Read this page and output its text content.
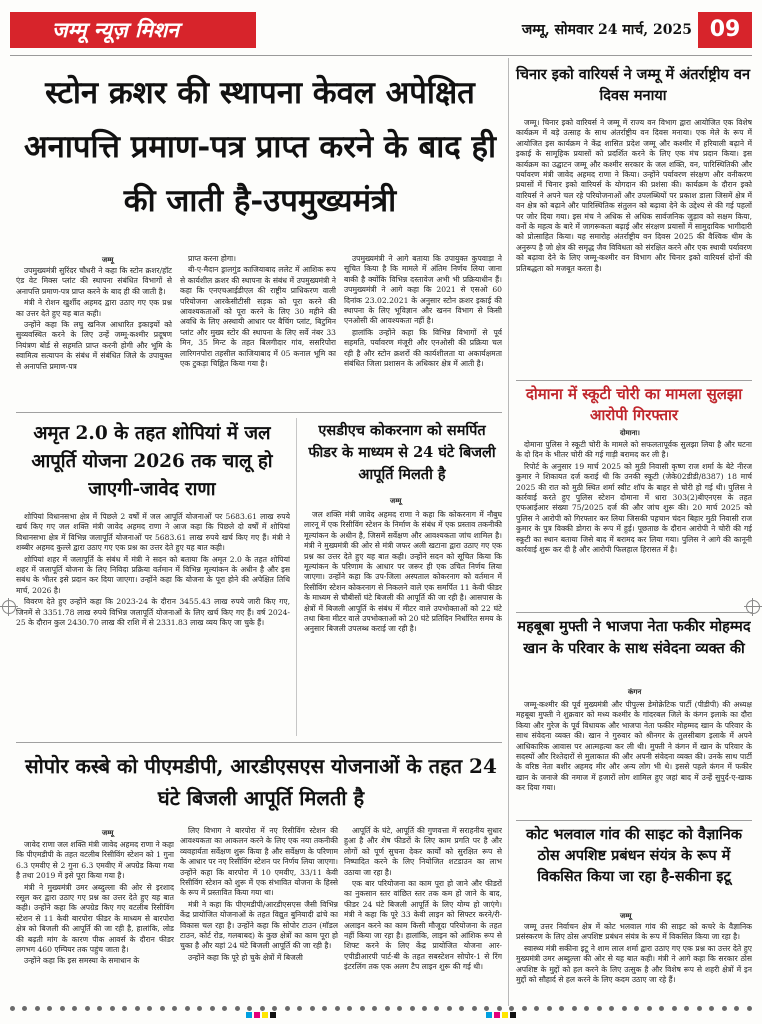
जम्मू न्यूज़ मिशन	जम्मू, सोमवार 24 मार्च, 2025 09
स्टोन क्रशर की स्थापना केवल अपेक्षित अनापत्ति प्रमाण-पत्र प्राप्त करने के बाद ही की जाती है-उपमुख्यमंत्री
जम्मू

उपमुख्यमंत्री सुरिंदर चौधरी ने कहा कि स्टोन क्रशर/हॉट एंड वेट मिक्स प्लांट की स्थापना संबंधित विभागों से अनापत्ति प्रमाण-पत्र प्राप्त करने के बाद ही की जाती है।

मंत्री ने रोशन खुर्शीद अहमद द्वारा उठाए गए एक प्रश्न का उत्तर देते हुए यह बात कही।

उन्होंने कहा कि लघु खनिज आधारित इकाइयों को सुव्यवस्थित करने के लिए उन्हें जम्मू-कश्मीर प्रदूषण नियंत्रण बोर्ड से सहमति प्राप्त करनी होगी और भूमि के स्वामित्व सत्यापन के संबंध में संबंधित जिले के उपायुक्त से अनापत्ति प्रमाण-पत्र

प्राप्त करना होगा।

बी-ए-मैदान ड्रालगुंड काजियाबाद ललेट में आशिक रूप से कार्यशील क्रशर की स्थापना के संबंध में उपमुख्यमंत्री ने कहा कि एनएचआईडीएल की राष्ट्रीय प्राधिकरण वाली परियोजना आरकेसीटीसी सड़क को पूरा करने की आवश्यकताओं को पूरा करने के लिए 30 महीने की अवधि के लिए अस्थायी आधार पर बैचिंग प्लांट, बिटुमिन प्लांट और मुख्य स्टोर की स्थापना के लिए सर्वे नंबर 33 मिन, 35 मिन्ट के तहत बिलगीदार गांव, ससरिपोरा लारिगनपोरा तहसील काजियाबाद में 05 कनाल भूमि का एक टुकड़ा चिह्नित किया गया है।

उपमुख्यमंत्री ने आगे बताया कि उपायुक्त कुपवाड़ा ने सूचित किया है कि मामले में अंतिम निर्णय लिया जाना बाकी है क्योंकि विभिन्न दस्तावेज अभी भी प्रक्रियाधीन हैं। उपमुख्यमंत्री ने आगे कहा कि 2021 से एसओ 60 दिनांक 23.02.2021 के अनुसार स्टोन क्रशर इकाई की स्थापना के लिए भूविज्ञान और खनन विभाग से किसी एनओसी की आवश्यकता नहीं है।

हालांकि उन्होंने कहा कि विभिन्न विभागों से पूर्व सहमति, पर्यावरण मंजूरी और एनओसी की प्रक्रिया चल रही है और स्टोन क्रशरों की कार्यशीलता या अकार्यक्षमता संबंधित जिला प्रशासन के अधिकार क्षेत्र में आती है।

अमृत 2.0 के तहत शोपियां में जल आपूर्ति योजना 2026 तक चालू हो जाएगी-जावेद राणा

शोपियां विधानसभा क्षेत्र में पिछले 2 वर्षों में जल आपूर्ति योजनाओं पर 5683.61 लाख रुपये खर्च किए गए जल शक्ति मंत्री जावेद अहमद राणा ने आज कहा कि पिछले दो वर्षों में शोपियां विधानसभा क्षेत्र में विभिन्न जलापूर्ति योजनाओं पर 5683.61 लाख रुपये खर्च किए गए हैं। मंत्री ने शब्बीर अहमद कुल्ले द्वारा उठाए गए एक प्रश्न का उत्तर देते हुए यह बात कही।

शोपियां शहर में जलापूर्ति के संबंध में मंत्री ने सदन को बताया कि अमृत 2.0 के तहत शोपियां शहर में जलापूर्ति योजना के लिए निविदा प्रक्रिया वर्तमान में विभिन्न मूल्यांकन के अधीन है और इस सबंध के भीतर इसे प्रदान कर दिया जाएगा। उन्होंने कहा कि योजना के पूरा होने की अपेक्षित तिथि मार्च, 2026 है।

विवरण देते हुए उन्होंने कहा कि 2023-24 के दौरान 3455.43 लाख रुपये जारी किए गए, जिनमें से 3351.78 लाख रुपये विभिन्न जलापूर्ति योजनाओं के लिए खर्च किए गए हैं। वर्ष 2024-25 के दौरान कुल 2430.70 लाख की राशि में से 2331.83 लाख व्यय किए जा चुके हैं।

एसडीएच कोकरनाग को समर्पित फीडर के माध्यम से 24 घंटे बिजली आपूर्ति मिलती है
जम्मू

जल शक्ति मंत्री जावेद अहमद राणा ने कहा कि कोकरनाग में नौबुघ लारनू में एक रिसीविंग स्टेशन के निर्माण के संबंध में एक प्रस्ताव तकनीकी मूल्यांकन के अधीन है, जिसमें सर्वेक्षण और आवश्यकता जांच शामिल है। मंत्री ने मुख्यमंत्री की ओर से मंत्री जफर अली खटाना द्वारा उठाए गए एक प्रश्न का उत्तर देते हुए यह बात कही। उन्होंने सदन को सूचित किया कि मूल्यांकन के परिणाम के आधार पर जरूर ही एक उचित निर्णय लिया जाएगा। उन्होंने कहा कि उप-जिला अस्पताल कोकरनाग को वर्तमान में रिसीविंग स्टेशन कोकरनाग से निकलने वाले एक समर्पित 11 केवी फीडर के माध्यम से चौबीसों घंटे बिजली की आपूर्ति की जा रही है। आसपास के क्षेत्रों में बिजली आपूर्ति के संबंध में मीटर वाले उपभोक्ताओं को 22 घंटे तथा बिना मीटर वाले उपभोक्ताओं को 20 घंटे प्रतिदिन निर्धारित समय के अनुसार बिजली उपलब्ध कराई जा रही है।

सोपोर कस्बे को पीएमडीपी, आरडीएसएस योजनाओं के तहत 24 घंटे बिजली आपूर्ति मिलती है
जम्मू

जावेद राणा जल शक्ति मंत्री जावेद अहमद राणा ने कहा कि पीएमडीपी के तहत वटलीब रिसीविंग स्टेशन को 1 गुना 6.3 एमवीए से 2 गुना 6.3 एमवीए में अपग्रेड किया गया है तथा 2019 में इसे पूरा किया गया है।

मंत्री ने मुख्यमंत्री उमर अब्दुल्ला की ओर से इरशाद रसूल कर द्वारा उठाए गए प्रश्न का उत्तर देते हुए यह बात कही। उन्होंने कहा कि अपग्रेड किए गए वटलीब रिसीविंग स्टेशन से 11 केवी बारपोरा फीडर के माध्यम से बारपोरा क्षेत्र को बिजली की आपूर्ति की जा रही है, हालांकि, लोड की बढ़ती मांग के कारण पीक आवर्स के दौरान फीडर लगभग 460 एम्पियर तक पहुंच जाता है।

उन्होंने कहा कि इस समस्या के समाधान के

लिए विभाग ने बारपोरा में नए रिसीविंग स्टेशन की आवश्यकता का आकलन करने के लिए एक नया तकनीकी व्यवहार्यता सर्वेक्षण शुरू किया है और सर्वेक्षण के परिणाम के आधार पर नए रिसीविंग स्टेशन पर निर्णय लिया जाएगा। उन्होंने कहा कि बारपोरा में 10 एमवीए, 33/11 केवी रिसीविंग स्टेशन को शुरू में एक संभावित योजना के हिस्से के रूप में प्रस्तावित किया गया था।

मंत्री ने कहा कि पीएमडीपी/आरडीएसएस जैसी विभिन्न केंद्र प्रायोजित योजनाओं के तहत विद्युत बुनियादी ढांचे का विकास चल रहा है। उन्होंने कहा कि सोपोर टाउन (मॉडल टाउन, कोर्ट रोड, गलबाबद) के कुछ क्षेत्रों का काम पूरा हो चुका है और यहां 24 घंटे बिजली आपूर्ति की जा रही है।

उन्होंने कहा कि पूरे हो चुके क्षेत्रों में बिजली

आपूर्ति के घंटे, आपूर्ति की गुणवत्ता में सराहनीय सुधार हुआ है और शेष फीडरों के लिए काम प्रगति पर है और लोगों को पूर्ण सुचना देकर कार्यों को सुरक्षित रूप से निष्पादित करने के लिए नियोजित शटडाउन का लाभ उठाया जा रहा है।

एक बार परियोजना का काम पूरा हो जाने और फीडरों का नुकसान स्तर वांछित स्तर तक कम हो जाने के बाद, फीडर 24 घंटे बिजली आपूर्ति के लिए योग्य हो जाएंगे। मंत्री ने कहा कि पूरे 33 केवी लाइन को सिफ्टर करने/री-अलाइन करने का काम किसी मौजूदा परियोजना के तहत नहीं किया जा रहा है। हालांकि, लाइन को आंशिक रूप से शिफ्ट करने के लिए केंद्र प्रायोजित योजना आर-एपीडीआरपी पार्ट-बी के तहत सबस्टेशन सोपोर-1 से रिंग इंटरलिंग तक एक अलग टैप लाइन शुरू की गई थी।

चिनार इको वारियर्स ने जम्मू में अंतर्राष्ट्रीय वन दिवस मनाया

जम्मू। चिनार इको वारियर्स ने जम्मू में राज्य वन विभाग द्वारा आयोजित एक विशेष कार्यक्रम में बड़े उत्साह के साथ अंतर्राष्ट्रीय वन दिवस मनाया। एक मेले के रूप में आयोजित इस कार्यक्रम ने केंद्र शासित प्रदेश जम्मू और कश्मीर में हरियाली बढ़ाने में इकाई के सामूहिक प्रयासों को प्रदर्शित करने के लिए एक मंच प्रदान किया। इस कार्यक्रम का उद्घाटन जम्मू और कश्मीर सरकार के जल शक्ति, वन, पारिस्थितिकी और पर्यावरण मंत्री जावेद अहमद राणा ने किया। उन्होंने पर्यावरण संरक्षण और वनीकरण प्रयासों में चिनार इको वारियर्स के योगदान की प्रशंसा की। कार्यक्रम के दौरान इको वारियर्स ने अपने चल रहे परियोजनाओं और उपलब्धियों पर प्रकाश डाला जिसमें क्षेत्र में वन क्षेत्र को बढ़ाने और पारिस्थितिक संतुलन को बढ़ावा देने के उद्देश्य से की गई पहलों पर जोर दिया गया। इस मंच ने अधिक से अधिक सार्वजनिक जुड़ाव को सक्षम किया, वनों के महत्व के बारे में जागरूकता बढ़ाई और संरक्षण प्रयासों में सामुदायिक भागीदारी को प्रोत्साहित किया। यह समारोह अंतर्राष्ट्रीय वन दिवस 2025 की वैश्विक थीम के अनुरूप है जो क्षेत्र की समृद्ध जैव विविधता को संरक्षित करने और एक स्थायी पर्यावरण को बढ़ावा देने के लिए जम्मू-कश्मीर वन विभाग और चिनार इको वारियर्स दोनों की प्रतिबद्धता को मजबूत करता है।

दोमाना में स्कूटी चोरी का मामला सुलझा आरोपी गिरफ्तार
दोमाना।

दोमाना पुलिस ने स्कूटी चोरी के मामले को सफलतापूर्वक सुलझा लिया है और घटना के दो दिन के भीतर चोरी की गई गाड़ी बरामद कर ली है।

रिपोर्ट के अनुसार 19 मार्च 2025 को मुठी निवासी कृष्ण राज शर्मा के बेटे नीरज कुमार ने शिकायत दर्ज कराई थी कि उनकी स्कूटी (जेके02डीडी/8387) 18 मार्च 2025 की रात को मुठी स्थित शर्मा स्वीट शॉप के बाहर से चोरी हो गई थी। पुलिस ने कार्रवाई करते हुए पुलिस स्टेशन दोमाना में धारा 303(2)बीएनएस के तहत एफआईआर संख्या 75/2025 दर्ज की और जांच शुरू की। 20 मार्च 2025 को पुलिस ने आरोपी को गिरफ्तार कर लिया जिसकी पहचान चंदन बिहार मुठी निवासी राज कुमार के पुत्र विक्की डोगरा के रूप में हुई। पूछताछ के दौरान आरोपी ने चोरी की गई स्कूटी का स्थान बताया जिसे बाद में बरामद कर लिया गया। पुलिस ने आगे की कानूनी कार्रवाई शुरू कर दी है और आरोपी फिलहाल हिरासत में है।

महबूबा मुफ्ती ने भाजपा नेता फकीर मोहम्मद खान के परिवार के साथ संवेदना व्यक्त की
कंगन

जम्मू-कश्मीर की पूर्व मुख्यमंत्री और पीपुल्स डेमोक्रेटिक पार्टी (पीडीपी) की अध्यक्ष महबूबा मुफ्ती ने शुक्रवार को मध्य कश्मीर के गांदरबल जिले के कंगन इलाके का दौरा किया और गुरेज के पूर्व विधायक और भाजपा नेता फकीर मोहम्मद खान के परिवार के साथ संवेदना व्यक्त की। खान ने गुरुवार को श्रीनगर के तुलसीबाग इलाके में अपने आधिकारिक आवास पर आत्महत्या कर ली थी। मुफ्ती ने कंगन में खान के परिवार के सदस्यों और रिश्तेदारों से मुलाकात की और अपनी संवेदना व्यक्त की। उनके साथ पार्टी के वरिष्ठ नेता बशीर अहमद मीर और अन्य लोग भी थे। इससे पहले कंगन में फकीर खान के जनाजे की नमाज में हजारों लोग शामिल हुए जहां बाद में उन्हें सुपुर्द-ए-खाक कर दिया गया।

कोट भलवाल गांव की साइट को वैज्ञानिक ठोस अपशिष्ट प्रबंधन संयंत्र के रूप में विकसित किया जा रहा है-सकीना इटू
जम्मू

जम्मू उत्तर निर्वाचन क्षेत्र में कोट भलवाल गांव की साइट को कचरे के वैज्ञानिक प्रसंस्करण के लिए ठोस अपशिष्ट प्रबंधन संयंत्र के रूप में विकसित किया जा रहा है।

स्वास्थ्य मंत्री सकीना इटू ने शाम लाल शर्मा द्वारा उठाए गए एक प्रश्न का उत्तर देते हुए मुख्यमंत्री उमर अब्दुल्ला की ओर से यह बात कही। मंत्री ने आगे कहा कि सरकार ठोस अपशिष्ट के मुद्दों को हल करने के लिए उत्सुक है और विशेष रूप से शहरी क्षेत्रों में इन मुद्दों को सौहार्द से हल करने के लिए कदम उठाए जा रहे हैं।
